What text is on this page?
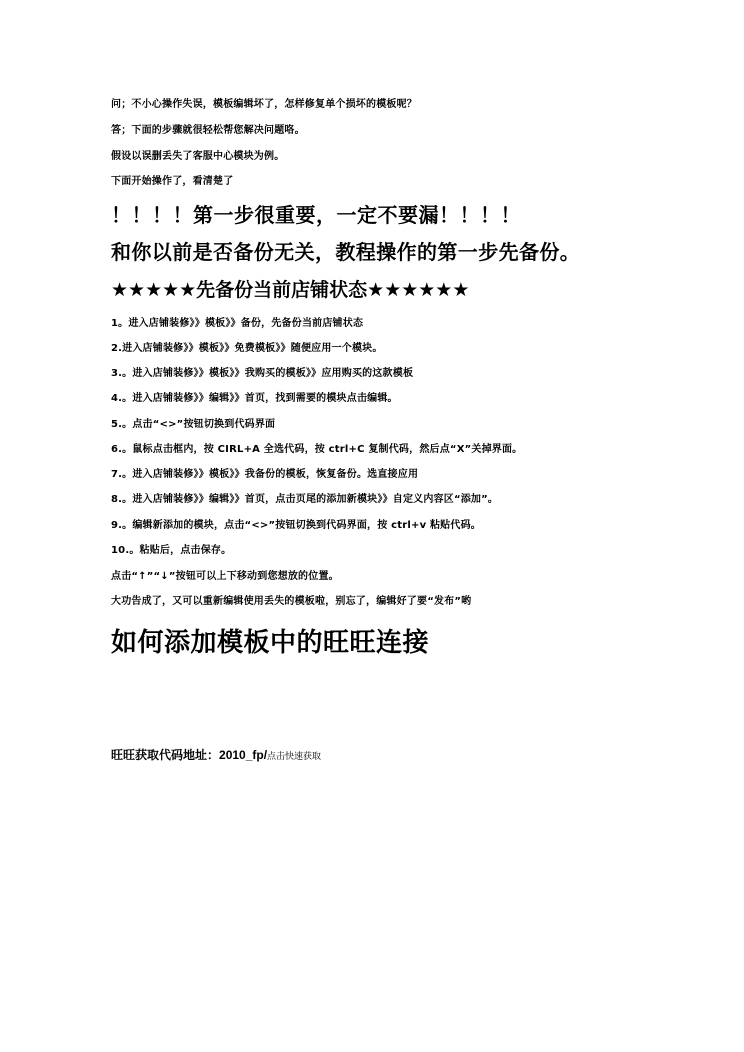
问；不小心操作失误，模板编辑坏了，怎样修复单个损坏的模板呢？
答；下面的步骤就很轻松帮您解决问题咯。
假设以误删丢失了客服中心模块为例。
下面开始操作了，看清楚了
！！！！第一步很重要，一定不要漏！！！！
和你以前是否备份无关，教程操作的第一步先备份。
★★★★★先备份当前店铺状态★★★★★★
1。进入店铺装修》》模板》》备份，先备份当前店铺状态
2.进入店铺装修》》模板》》免费模板》》随便应用一个模块。
3.。进入店铺装修》》模板》》我购买的模板》》应用购买的这款模板
4.。进入店铺装修》》编辑》》首页，找到需要的模块点击编辑。
5.。点击“<>”按钮切换到代码界面
6.。鼠标点击框内，按 CIRL+A 全选代码，按 ctrl+C 复制代码，然后点“X”关掉界面。
7.。进入店铺装修》》模板》》我备份的模板，恢复备份。选直接应用
8.。进入店铺装修》》编辑》》首页，点击页尾的添加新模块》》自定义内容区“添加”。
9.。编辑新添加的模块，点击“<>”按钮切换到代码界面，按 ctrl+v 粘贴代码。
10.。粘贴后，点击保存。
点击“↑”“↓”按钮可以上下移动到您想放的位置。
大功告成了，又可以重新编辑使用丢失的模板啦，别忘了，编辑好了要“发布”哟
如何添加模板中的旺旺连接
旺旺获取代码地址：2010_fp/点击快速获取
